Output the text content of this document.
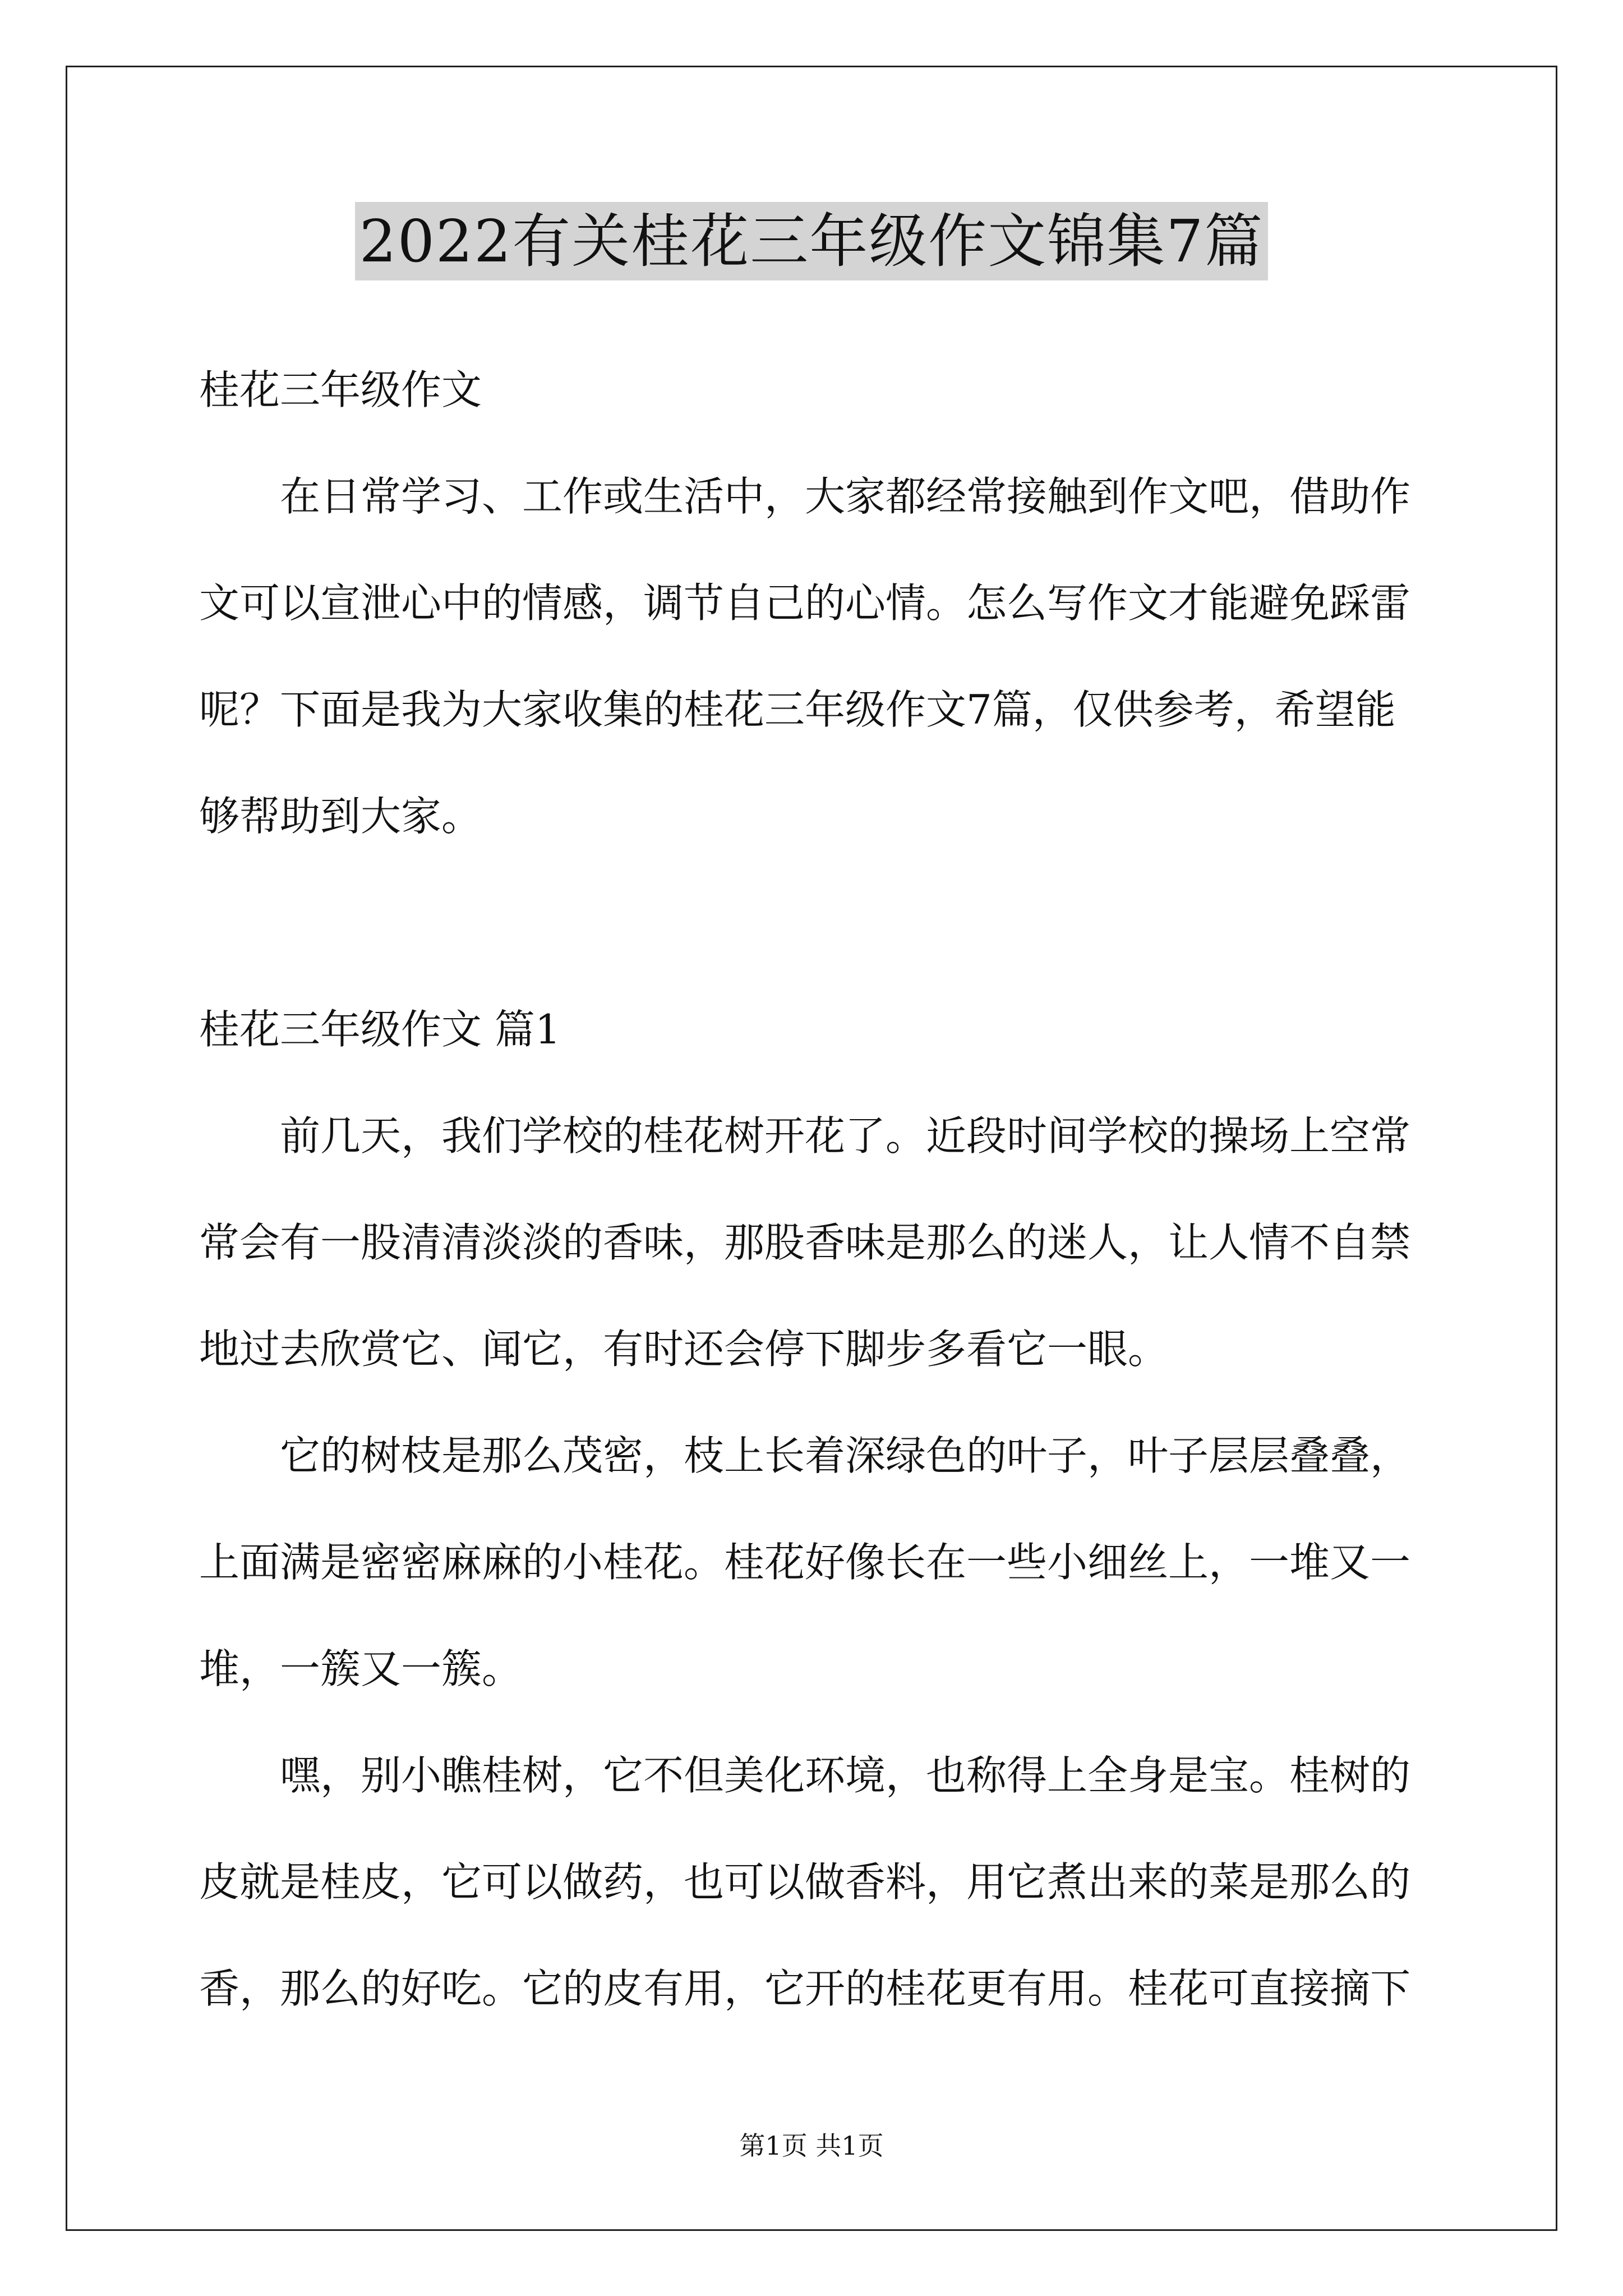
2022有关桂花三年级作文锦集7篇
桂花三年级作文
在日常学习、工作或生活中，大家都经常接触到作文吧，借助作
文可以宣泄心中的情感，调节自己的心情。怎么写作文才能避免踩雷
呢？下面是我为大家收集的桂花三年级作文7篇，仅供参考，希望能
够帮助到大家。
桂花三年级作文 篇1
前几天，我们学校的桂花树开花了。近段时间学校的操场上空常
常会有一股清清淡淡的香味，那股香味是那么的迷人，让人情不自禁
地过去欣赏它、闻它，有时还会停下脚步多看它一眼。
它的树枝是那么茂密，枝上长着深绿色的叶子，叶子层层叠叠，
上面满是密密麻麻的小桂花。桂花好像长在一些小细丝上，一堆又一
堆，一簇又一簇。
嘿，别小瞧桂树，它不但美化环境，也称得上全身是宝。桂树的
皮就是桂皮，它可以做药，也可以做香料，用它煮出来的菜是那么的
香，那么的好吃。它的皮有用，它开的桂花更有用。桂花可直接摘下
第1页 共1页
